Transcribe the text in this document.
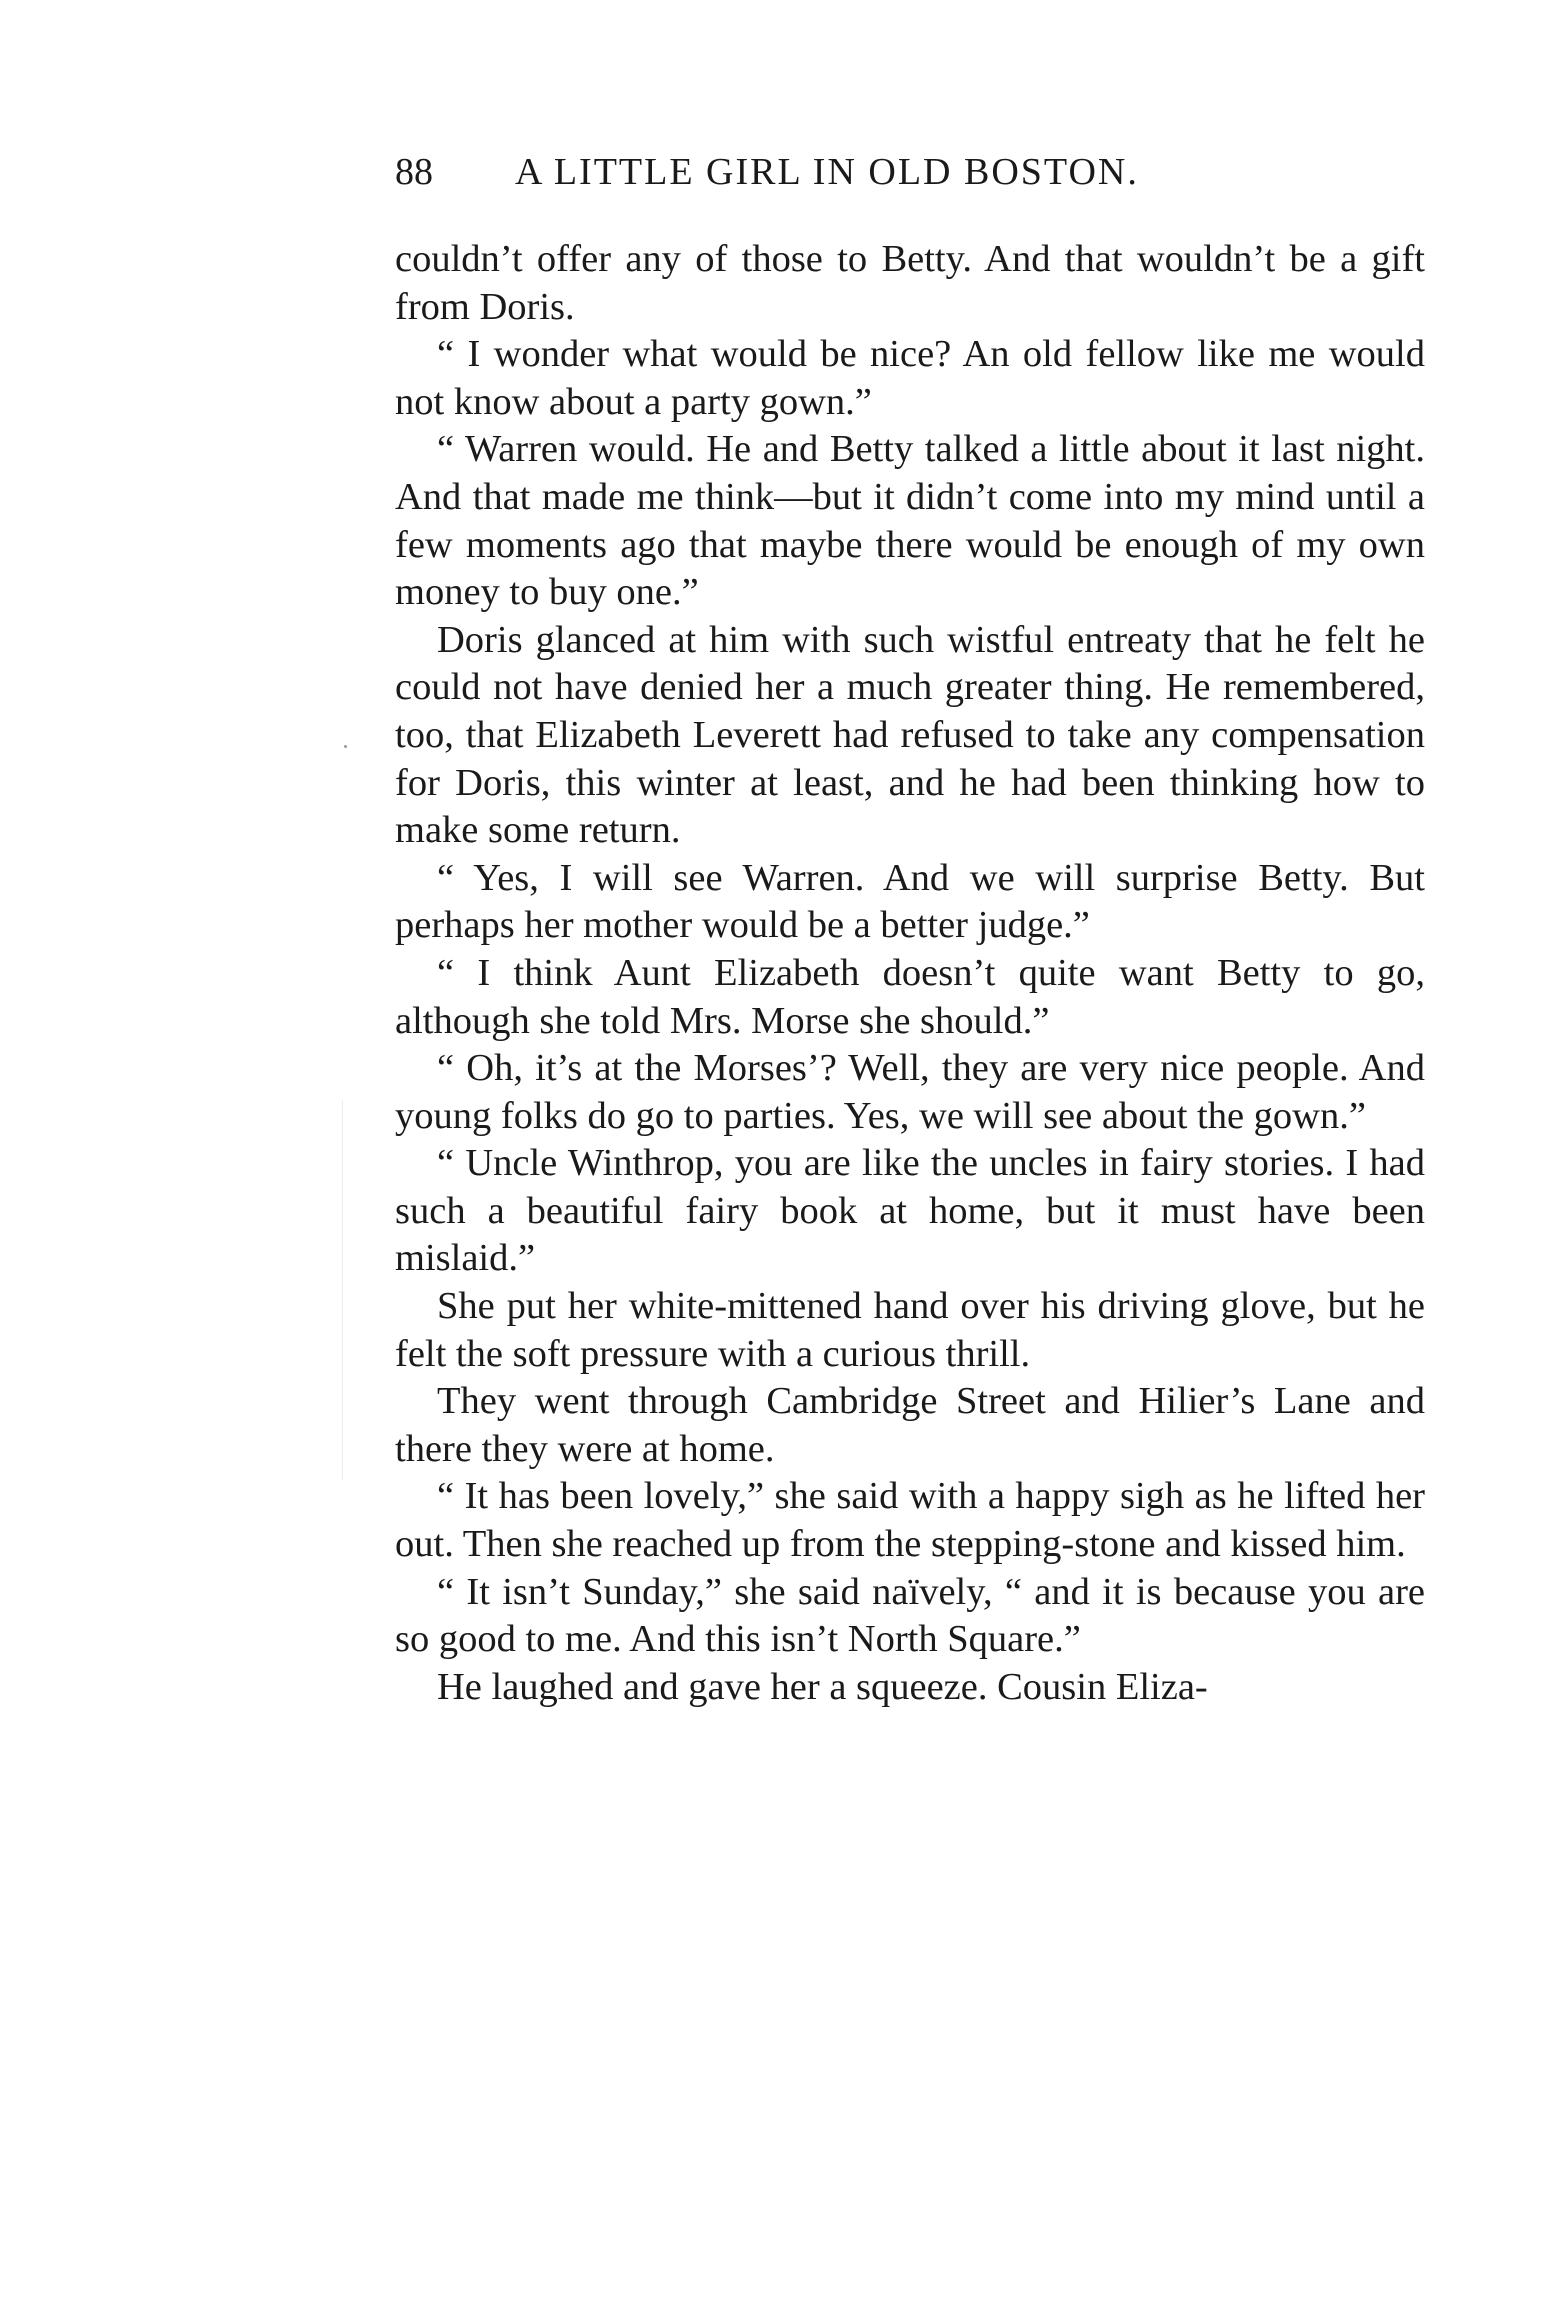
88 A LITTLE GIRL IN OLD BOSTON.

couldn’t offer any of those to Betty. And that wouldn’t be a gift from Doris.

“ I wonder what would be nice? An old fellow like me would not know about a party gown.”

“ Warren would. He and Betty talked a little about it last night. And that made me think—but it didn’t come into my mind until a few moments ago that maybe there would be enough of my own money to buy one.”

Doris glanced at him with such wistful entreaty that he felt he could not have denied her a much greater thing. He remembered, too, that Elizabeth Leverett had refused to take any compensation for Doris, this winter at least, and he had been thinking how to make some return.

“ Yes, I will see Warren. And we will surprise Betty. But perhaps her mother would be a better judge.”

“ I think Aunt Elizabeth doesn’t quite want Betty to go, although she told Mrs. Morse she should.”

“ Oh, it’s at the Morses’? Well, they are very nice people. And young folks do go to parties. Yes, we will see about the gown.”

“ Uncle Winthrop, you are like the uncles in fairy stories. I had such a beautiful fairy book at home, but it must have been mislaid.”

She put her white-mittened hand over his driving glove, but he felt the soft pressure with a curious thrill.

They went through Cambridge Street and Hilier’s Lane and there they were at home.

“ It has been lovely,” she said with a happy sigh as he lifted her out. Then she reached up from the stepping-stone and kissed him.

“ It isn’t Sunday,” she said naïvely, “ and it is because you are so good to me. And this isn’t North Square.”

He laughed and gave her a squeeze. Cousin Eliza-
